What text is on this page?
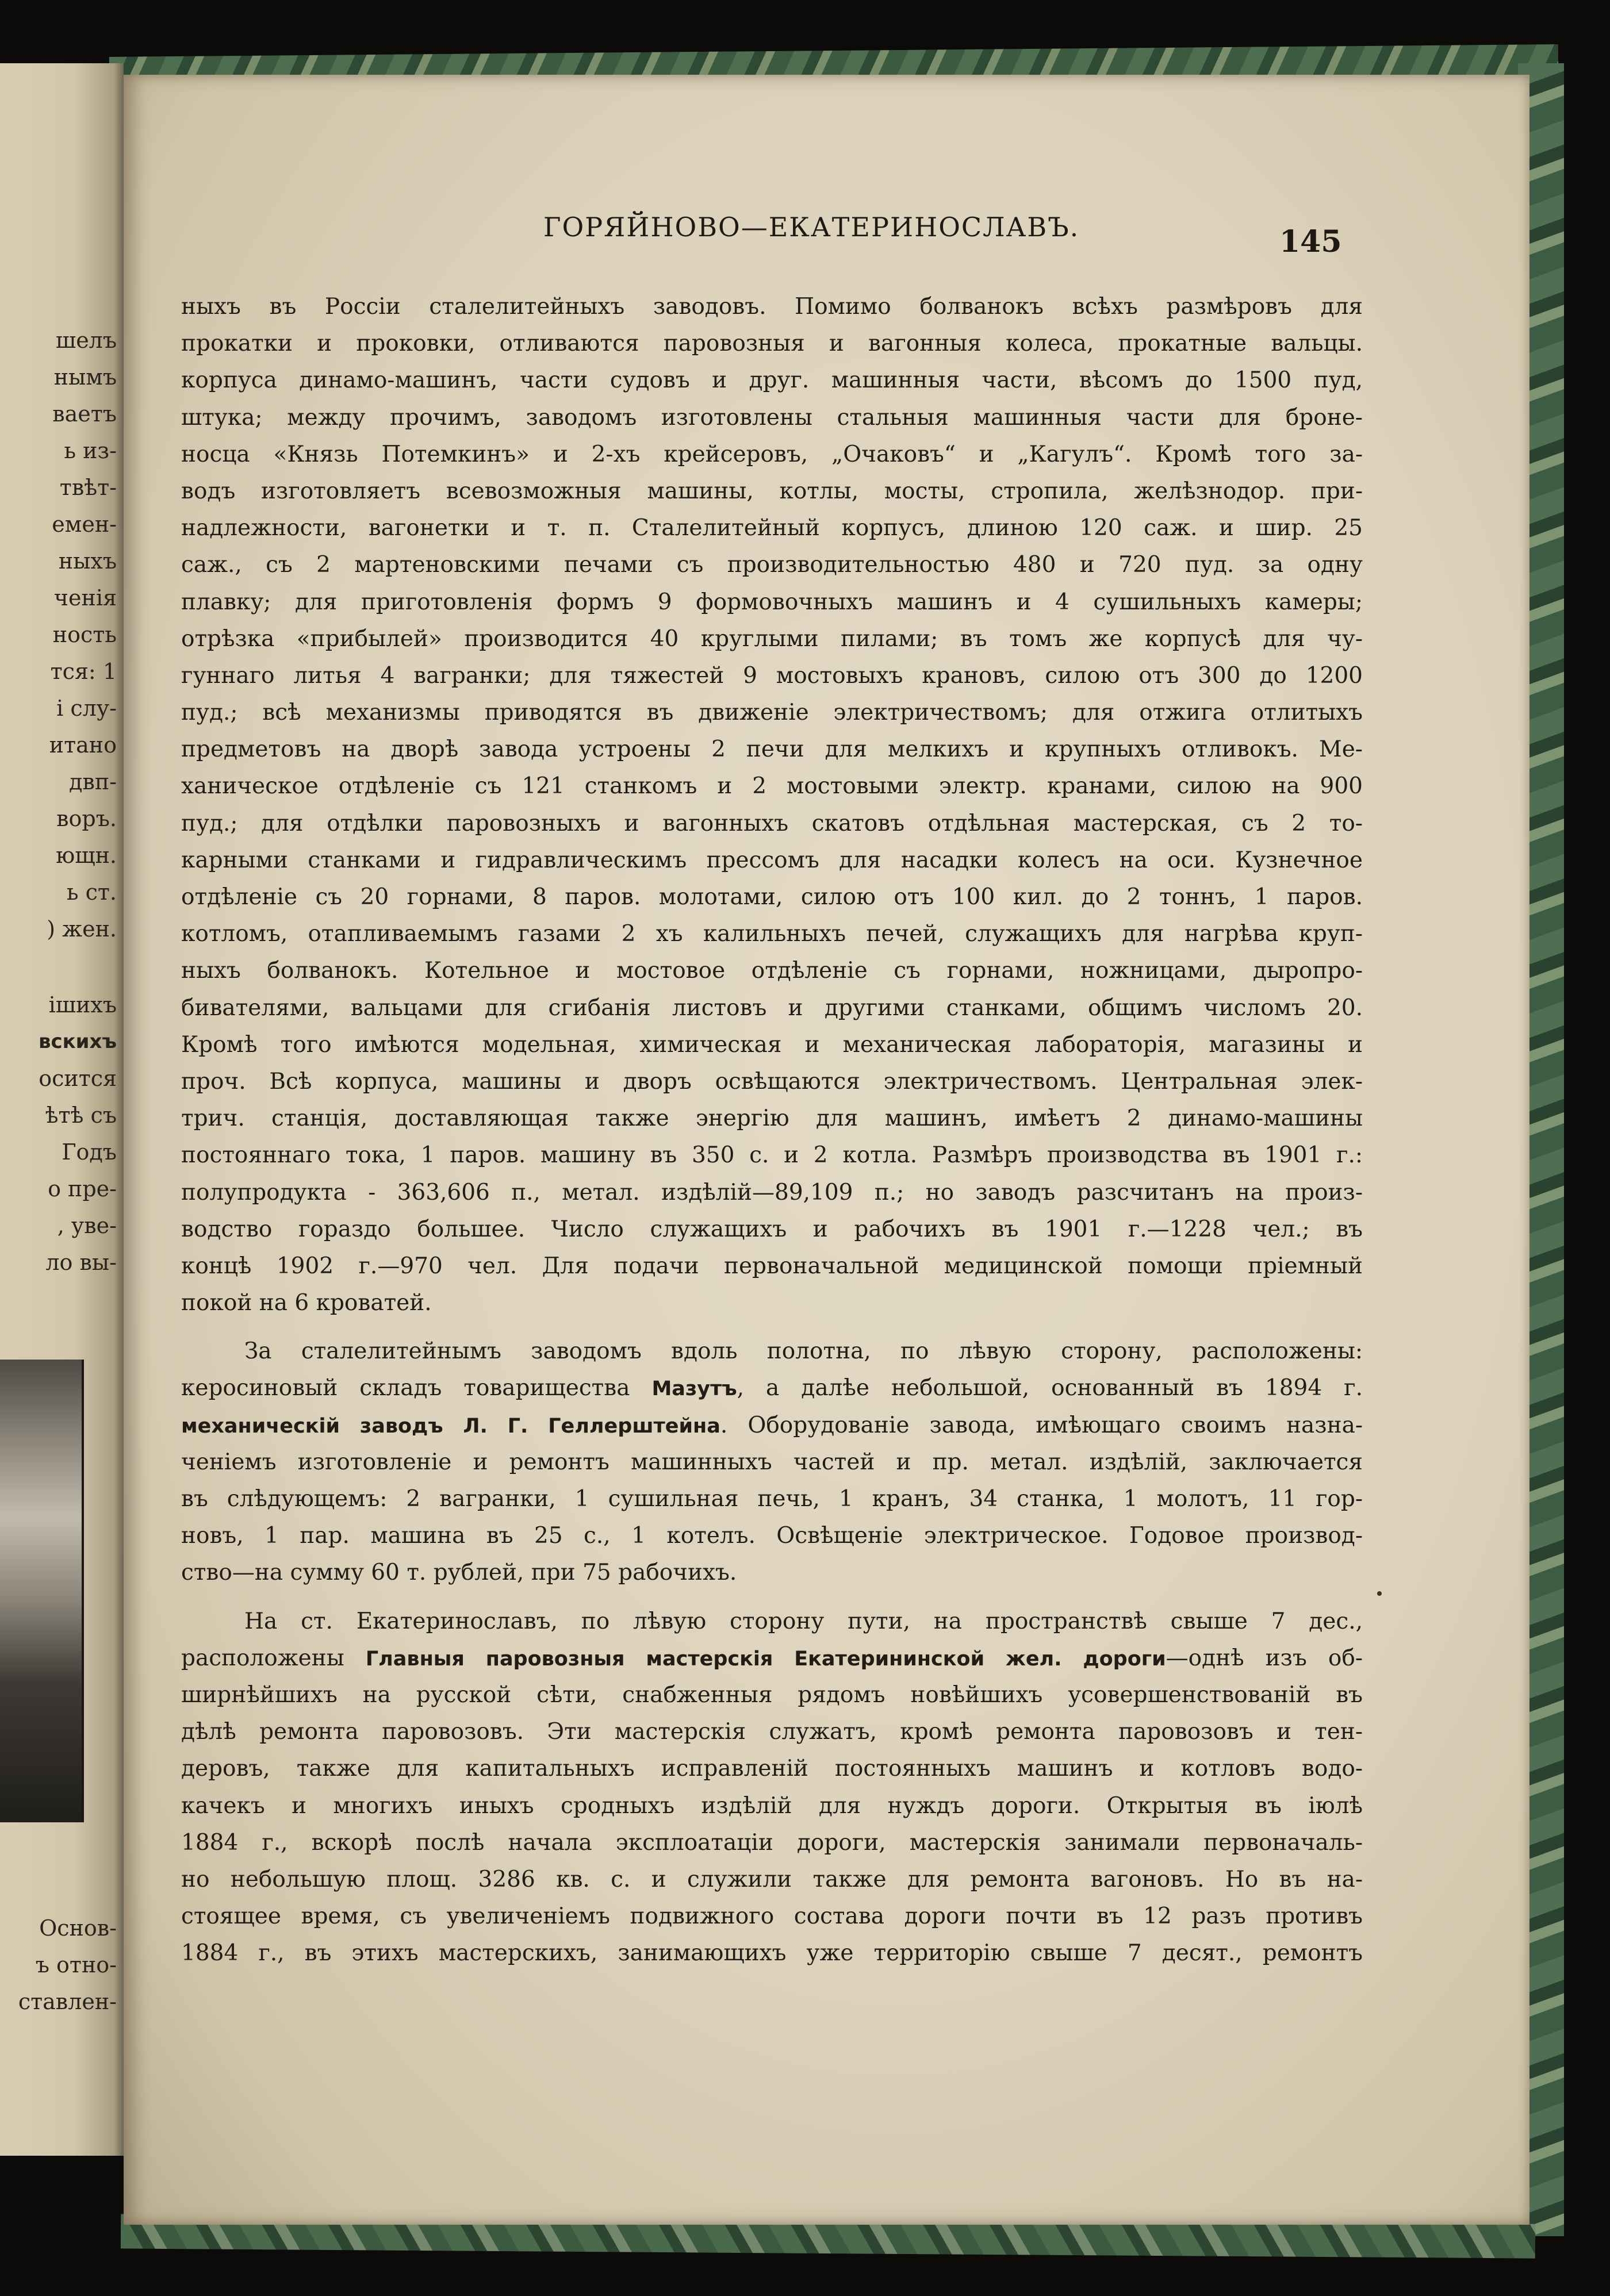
шелъ
нымъ
ваетъ
ь из-
твѣт-
емен-
ныхъ
ченія
ность
тся: 1
і слу-
итано
двп-
воръ.
ющн.
ь ст.
) жен.
ішихъ
вскихъ
осится
ѣтѣ съ
Годъ
о пре-
, уве-
ло вы-
Основ-
ъ отно-
ставлен-
ГОРЯЙНОВО—ЕКАТЕРИНОСЛАВЪ.	145
ныхъ въ Россіи сталелитейныхъ заводовъ. Помимо болванокъ всѣхъ размѣровъ для
прокатки и проковки, отливаются паровозныя и вагонныя колеса, прокатные вальцы.
корпуса динамо-машинъ, части судовъ и друг. машинныя части, вѣсомъ до 1500 пуд,
штука; между прочимъ, заводомъ изготовлены стальныя машинныя части для броне-
носца «Князь Потемкинъ» и 2-хъ крейсеровъ, „Очаковъ“ и „Кагулъ“. Кромѣ того за-
водъ изготовляетъ всевозможныя машины, котлы, мосты, стропила, желѣзнодор. при-
надлежности, вагонетки и т. п. Сталелитейный корпусъ, длиною 120 саж. и шир. 25
саж., съ 2 мартеновскими печами съ производительностью 480 и 720 пуд. за одну
плавку; для приготовленія формъ 9 формовочныхъ машинъ и 4 сушильныхъ камеры;
отрѣзка «прибылей» производится 40 круглыми пилами; въ томъ же корпусѣ для чу-
гуннаго литья 4 вагранки; для тяжестей 9 мостовыхъ крановъ, силою отъ 300 до 1200
пуд.; всѣ механизмы приводятся въ движеніе электричествомъ; для отжига отлитыхъ
предметовъ на дворѣ завода устроены 2 печи для мелкихъ и крупныхъ отливокъ. Ме-
ханическое отдѣленіе съ 121 станкомъ и 2 мостовыми электр. кранами, силою на 900
пуд.; для отдѣлки паровозныхъ и вагонныхъ скатовъ отдѣльная мастерская, съ 2 то-
карными станками и гидравлическимъ прессомъ для насадки колесъ на оси. Кузнечное
отдѣленіе съ 20 горнами, 8 паров. молотами, силою отъ 100 кил. до 2 тоннъ, 1 паров.
котломъ, отапливаемымъ газами 2 хъ калильныхъ печей, служащихъ для нагрѣва круп-
ныхъ болванокъ. Котельное и мостовое отдѣленіе съ горнами, ножницами, дыропро-
бивателями, вальцами для сгибанія листовъ и другими станками, общимъ числомъ 20.
Кромѣ того имѣются модельная, химическая и механическая лабораторія, магазины и
проч. Всѣ корпуса, машины и дворъ освѣщаются электричествомъ. Центральная элек-
трич. станція, доставляющая также энергію для машинъ, имѣетъ 2 динамо-машины
постояннаго тока, 1 паров. машину въ 350 с. и 2 котла. Размѣръ производства въ 1901 г.:
полупродукта - 363,606 п., метал. издѣлій—89,109 п.; но заводъ разсчитанъ на произ-
водство гораздо большее. Число служащихъ и рабочихъ въ 1901 г.—1228 чел.; въ
концѣ 1902 г.—970 чел. Для подачи первоначальной медицинской помощи пріемный
покой на 6 кроватей.
За сталелитейнымъ заводомъ вдоль полотна, по лѣвую сторону, расположены:
керосиновый складъ товарищества Мазутъ, а далѣе небольшой, основанный въ 1894 г.
механическій заводъ Л. Г. Геллерштейна. Оборудованіе завода, имѣющаго своимъ назна-
ченіемъ изготовленіе и ремонтъ машинныхъ частей и пр. метал. издѣлій, заключается
въ слѣдующемъ: 2 вагранки, 1 сушильная печь, 1 кранъ, 34 станка, 1 молотъ, 11 гор-
новъ, 1 пар. машина въ 25 с., 1 котелъ. Освѣщеніе электрическое. Годовое производ-
ство—на сумму 60 т. рублей, при 75 рабочихъ.
На ст. Екатеринославъ, по лѣвую сторону пути, на пространствѣ свыше 7 дес.,
расположены Главныя паровозныя мастерскія Екатерининской жел. дороги—однѣ изъ об-
ширнѣйшихъ на русской сѣти, снабженныя рядомъ новѣйшихъ усовершенствованій въ
дѣлѣ ремонта паровозовъ. Эти мастерскія служатъ, кромѣ ремонта паровозовъ и тен-
деровъ, также для капитальныхъ исправленій постоянныхъ машинъ и котловъ водо-
качекъ и многихъ иныхъ сродныхъ издѣлій для нуждъ дороги. Открытыя въ іюлѣ
1884 г., вскорѣ послѣ начала эксплоатаціи дороги, мастерскія занимали первоначаль-
но небольшую площ. 3286 кв. с. и служили также для ремонта вагоновъ. Но въ на-
стоящее время, съ увеличеніемъ подвижного состава дороги почти въ 12 разъ противъ
1884 г., въ этихъ мастерскихъ, занимающихъ уже территорію свыше 7 десят., ремонтъ
